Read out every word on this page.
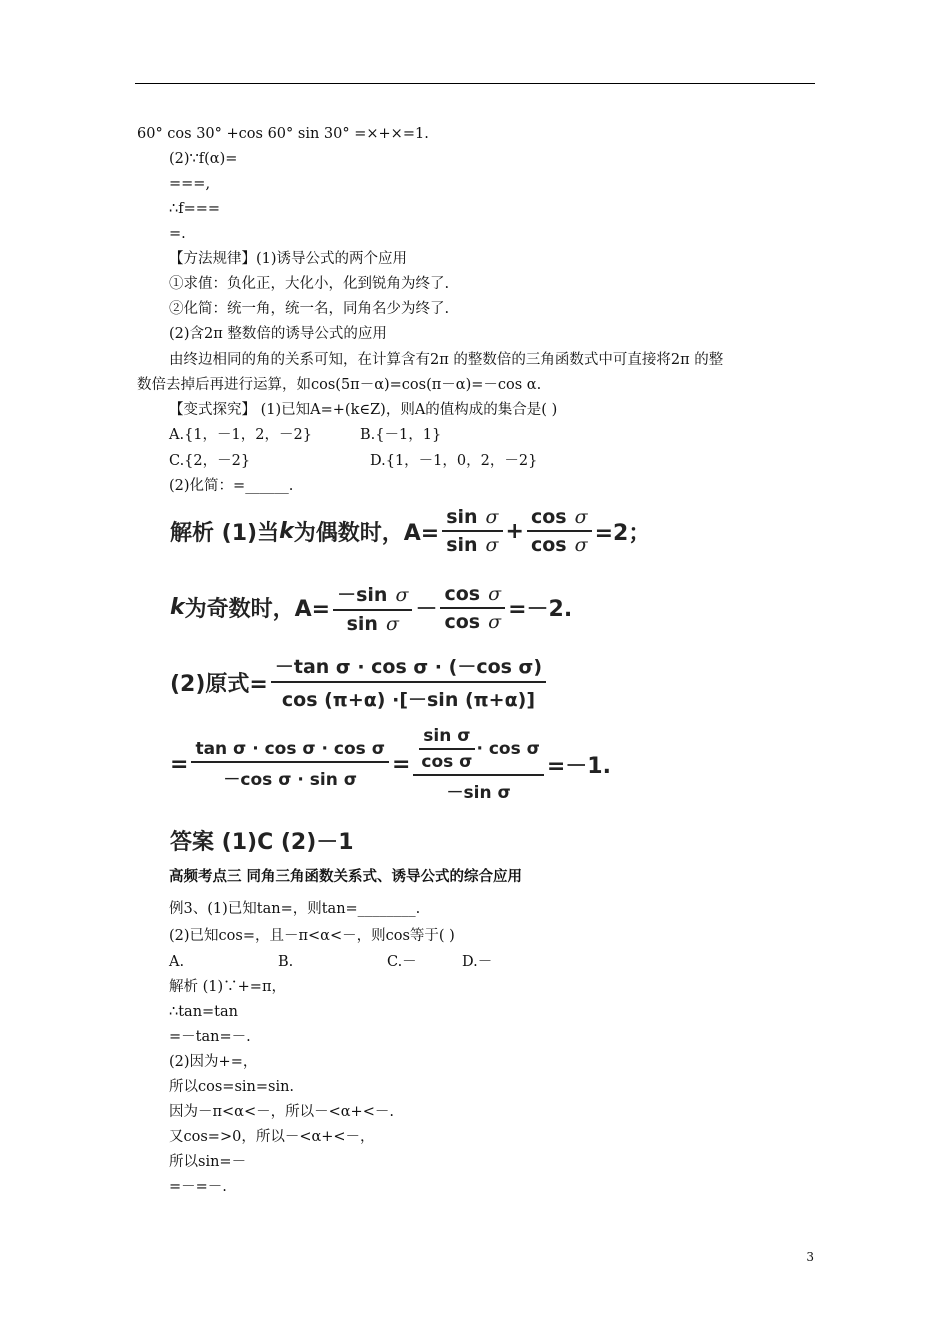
60° cos 30° +cos 60° sin 30° =×+×=1.
(2)∵f(α)=
===,
∴f===
=.
【方法规律】(1)诱导公式的两个应用
①求值：负化正，大化小，化到锐角为终了.
②化简：统一角，统一名，同角名少为终了.
(2)含2π 整数倍的诱导公式的应用
由终边相同的角的关系可知，在计算含有2π 的整数倍的三角函数式中可直接将2π 的整
数倍去掉后再进行运算，如cos(5π－α)=cos(π－α)=－cos α.
【变式探究】 (1)已知A=+(k∈Z)，则A的值构成的集合是( )
A.{1，－1，2，－2}	B.{－1，1}
C.{2，－2}	D.{1，－1，0，2，－2}
(2)化简：=______.
解析 (1)当 k 为偶数时，$A= \frac{\text{sin σ}}{\text{sin σ}} + \frac{\text{cos σ}}{\text{cos σ}} =2$；
k 为奇数时，$A= \frac{\text{－sin σ}}{\text{sin σ}} - \frac{\text{cos σ}}{\text{cos σ}} =-2$.
(2)原式= $\frac{\text{－tan σ · cos σ · (－cos σ)}}{\cos (\pi+\alpha) \cdot[-\sin (\pi+\alpha)]}$
= $\frac{\text{tan σ · cos σ · cos σ}}{\text{－cos σ · sin σ}} = \frac{\frac{\text{sin σ}}{\text{cos σ}} \cdot \cos \sigma}{\text{－sin σ}} =-1$.
答案 (1)C (2)－1
高频考点三 同角三角函数关系式、诱导公式的综合应用
例3、(1)已知tan=，则tan=________.
(2)已知cos=，且－π<α<－，则cos等于( )
A.	B.	C.－	D.－
解析 (1)∵+=π，
∴tan=tan
=－tan=－.
(2)因为+=，
所以cos=sin=sin.
因为－π<α<－，所以－<α+<－.
又cos=>0，所以－<α+<－，
所以sin=－
=－=－.
3
